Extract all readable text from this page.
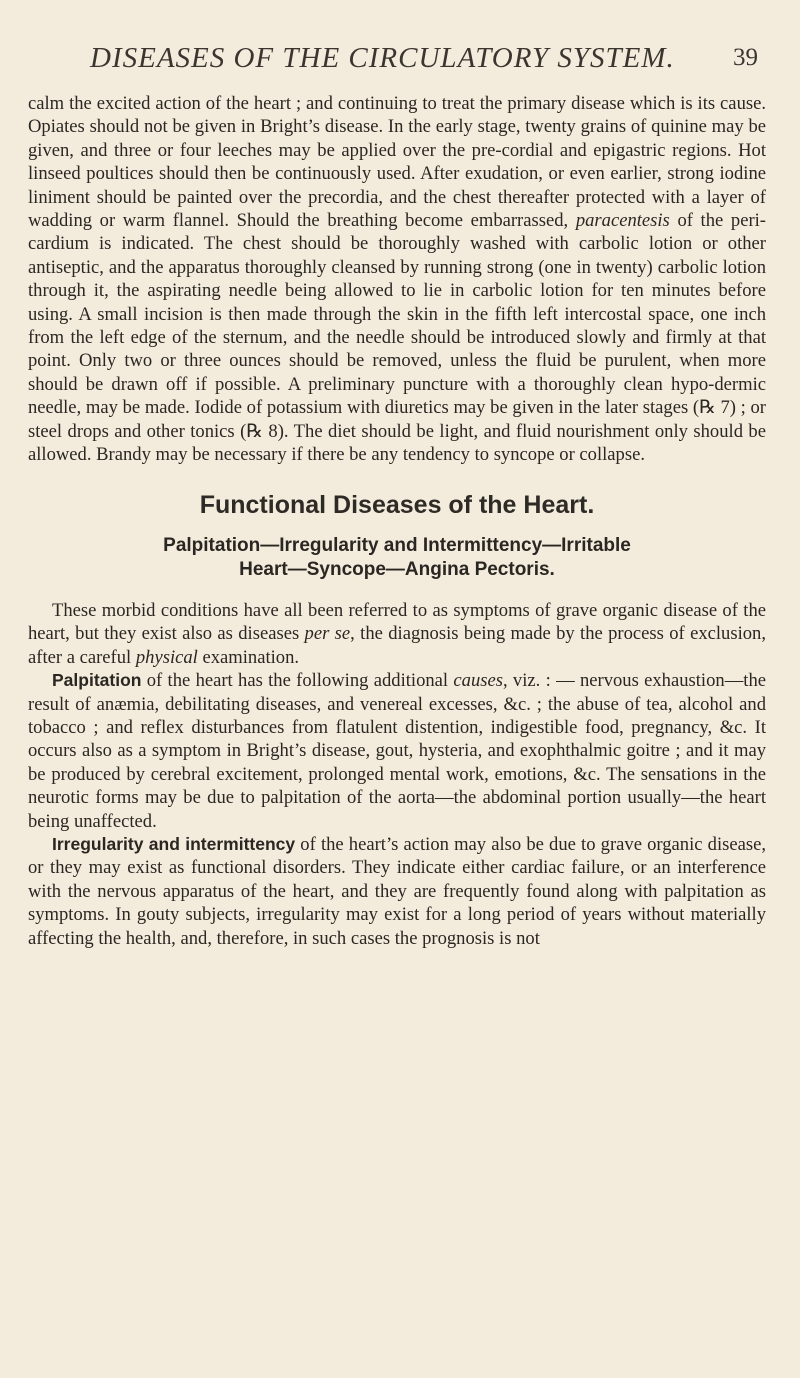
DISEASES OF THE CIRCULATORY SYSTEM. 39

calm the excited action of the heart ; and continuing to treat the primary disease which is its cause. Opiates should not be given in Bright’s disease. In the early stage, twenty grains of quinine may be given, and three or four leeches may be applied over the pre-cordial and epigastric regions. Hot linseed poultices should then be continuously used. After exudation, or even earlier, strong iodine liniment should be painted over the precordia, and the chest thereafter protected with a layer of wadding or warm flannel. Should the breathing become embarrassed, paracentesis of the peri-cardium is indicated. The chest should be thoroughly washed with carbolic lotion or other antiseptic, and the apparatus thoroughly cleansed by running strong (one in twenty) carbolic lotion through it, the aspirating needle being allowed to lie in carbolic lotion for ten minutes before using. A small incision is then made through the skin in the fifth left intercostal space, one inch from the left edge of the sternum, and the needle should be introduced slowly and firmly at that point. Only two or three ounces should be removed, unless the fluid be purulent, when more should be drawn off if possible. A preliminary puncture with a thoroughly clean hypo-dermic needle, may be made. Iodide of potassium with diuretics may be given in the later stages (℞ 7) ; or steel drops and other tonics (℞ 8). The diet should be light, and fluid nourishment only should be allowed. Brandy may be necessary if there be any tendency to syncope or collapse.

Functional Diseases of the Heart.
Palpitation—Irregularity and Intermittency—Irritable
Heart—Syncope—Angina Pectoris.

These morbid conditions have all been referred to as symptoms of grave organic disease of the heart, but they exist also as diseases per se, the diagnosis being made by the process of exclusion, after a careful physical examination.

Palpitation of the heart has the following additional causes, viz. : — nervous exhaustion—the result of anæmia, debilitating diseases, and venereal excesses, &c. ; the abuse of tea, alcohol and tobacco ; and reflex disturbances from flatulent distention, indigestible food, pregnancy, &c. It occurs also as a symptom in Bright’s disease, gout, hysteria, and exophthalmic goitre ; and it may be produced by cerebral excitement, prolonged mental work, emotions, &c. The sensations in the neurotic forms may be due to palpitation of the aorta—the abdominal portion usually—the heart being unaffected.

Irregularity and intermittency of the heart’s action may also be due to grave organic disease, or they may exist as functional disorders. They indicate either cardiac failure, or an interference with the nervous apparatus of the heart, and they are frequently found along with palpitation as symptoms. In gouty subjects, irregularity may exist for a long period of years without materially affecting the health, and, therefore, in such cases the prognosis is not
